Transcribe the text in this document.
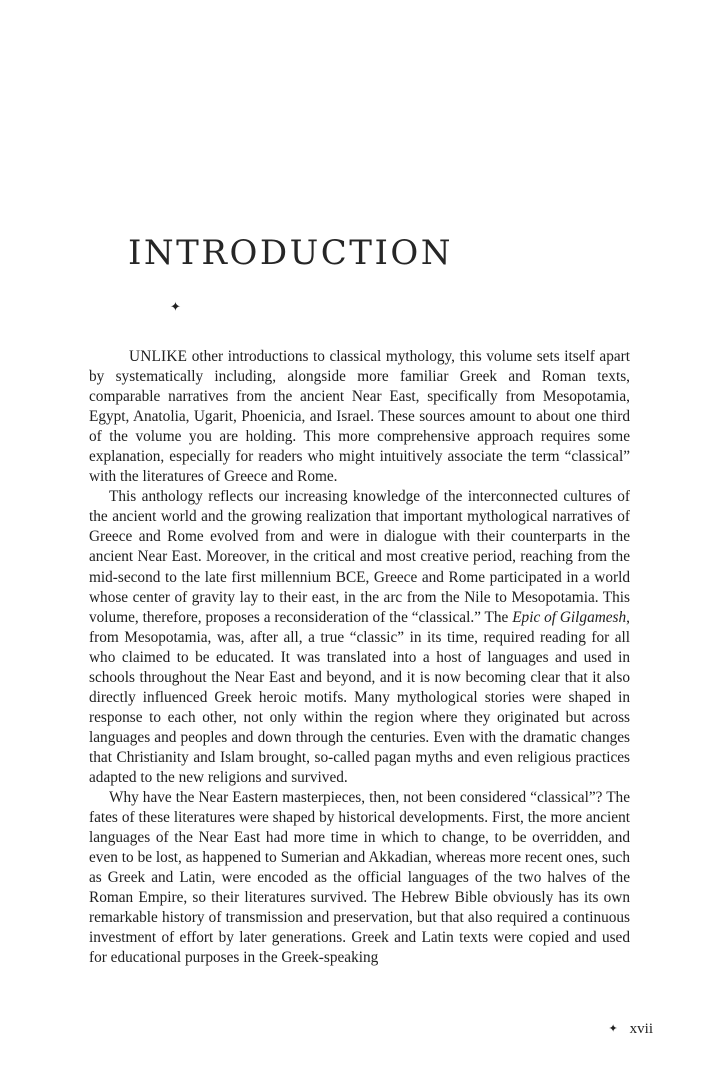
INTRODUCTION
✦

UNLIKE other introductions to classical mythology, this volume sets itself apart by systematically including, alongside more familiar Greek and Roman texts, comparable narratives from the ancient Near East, specifically from Mesopotamia, Egypt, Anatolia, Ugarit, Phoenicia, and Israel. These sources amount to about one third of the volume you are holding. This more comprehensive approach requires some explanation, especially for readers who might intuitively associate the term “classical” with the literatures of Greece and Rome.

This anthology reflects our increasing knowledge of the interconnected cultures of the ancient world and the growing realization that important mythological narratives of Greece and Rome evolved from and were in dialogue with their counterparts in the ancient Near East. Moreover, in the critical and most creative period, reaching from the mid-second to the late first millennium BCE, Greece and Rome participated in a world whose center of gravity lay to their east, in the arc from the Nile to Mesopotamia. This volume, therefore, proposes a reconsideration of the “classical.” The Epic of Gilgamesh, from Mesopotamia, was, after all, a true “classic” in its time, required reading for all who claimed to be educated. It was translated into a host of languages and used in schools throughout the Near East and beyond, and it is now becoming clear that it also directly influenced Greek heroic motifs. Many mythological stories were shaped in response to each other, not only within the region where they originated but across languages and peoples and down through the centuries. Even with the dramatic changes that Christianity and Islam brought, so-called pagan myths and even religious practices adapted to the new religions and survived.

Why have the Near Eastern masterpieces, then, not been considered “classical”? The fates of these literatures were shaped by historical developments. First, the more ancient languages of the Near East had more time in which to change, to be overridden, and even to be lost, as happened to Sumerian and Akkadian, whereas more recent ones, such as Greek and Latin, were encoded as the official languages of the two halves of the Roman Empire, so their literatures survived. The Hebrew Bible obviously has its own remarkable history of transmission and preservation, but that also required a continuous investment of effort by later generations. Greek and Latin texts were copied and used for educational purposes in the Greek-speaking

✦ xvii
